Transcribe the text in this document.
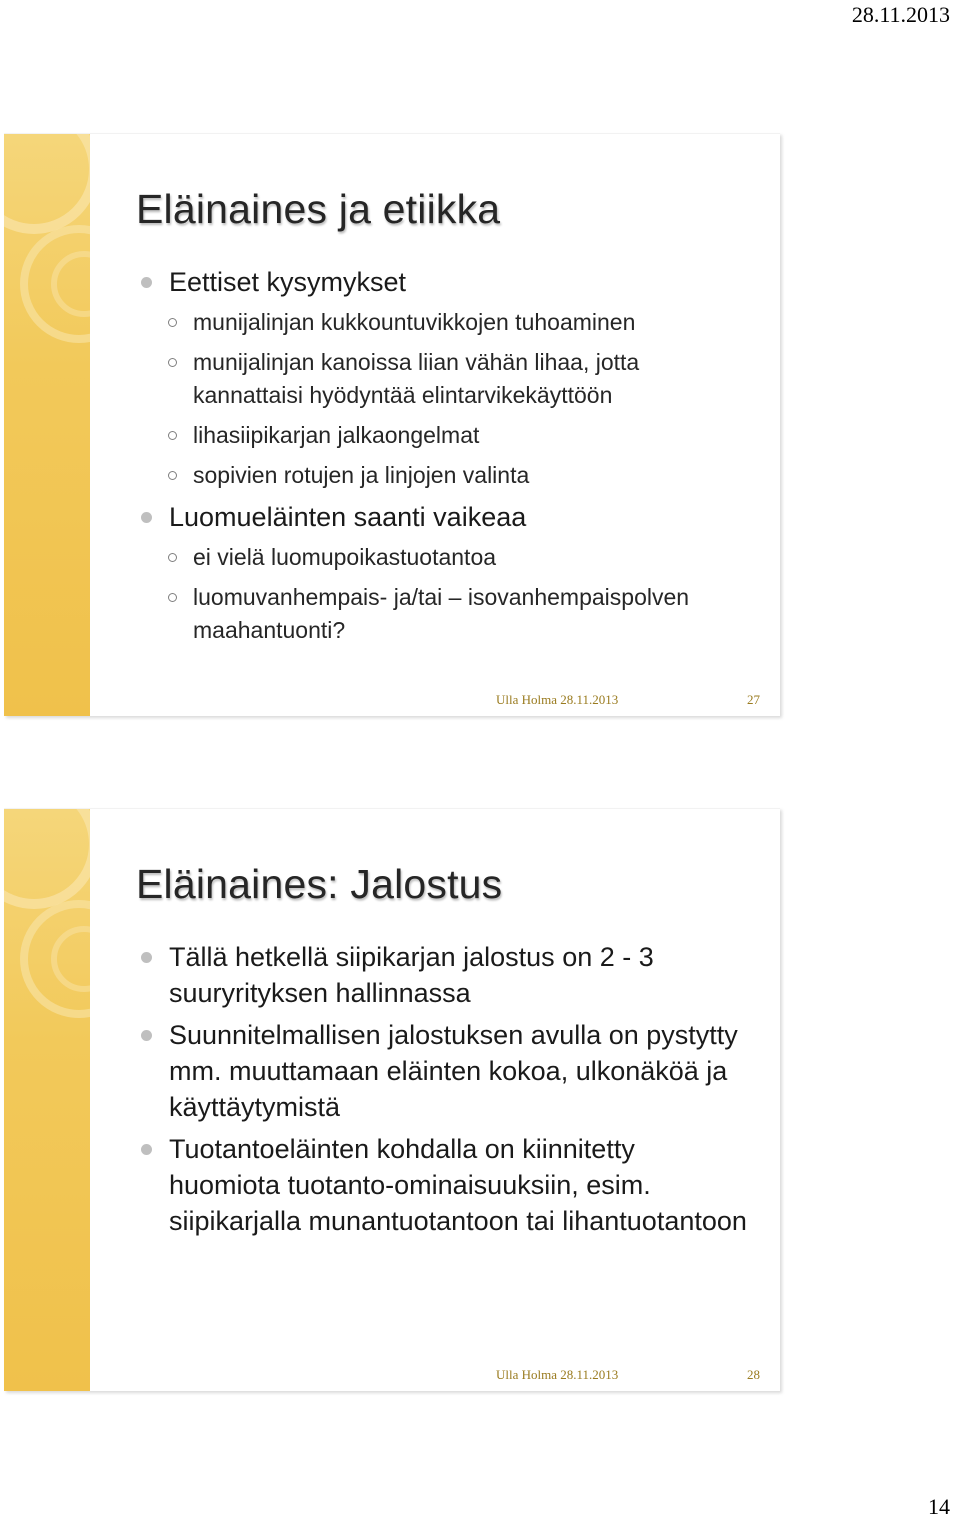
28.11.2013
Eläinaines ja etiikka
Eettiset kysymykset
munijalinjan kukkountuvikkojen tuhoaminen
munijalinjan kanoissa liian vähän lihaa, jotta kannattaisi hyödyntää elintarvikekäyttöön
lihasiipikarjan jalkaongelmat
sopivien rotujen ja linjojen valinta
Luomueläinten saanti vaikeaa
ei vielä luomupoikastuotantoa
luomuvanhempais- ja/tai – isovanhempaispolven maahantuonti?
Ulla Holma 28.11.2013	27
Eläinaines: Jalostus
Tällä hetkellä siipikarjan jalostus on 2 - 3 suuryrityksen hallinnassa
Suunnitelmallisen jalostuksen avulla on pystytty mm. muuttamaan eläinten kokoa, ulkonäköä ja käyttäytymistä
Tuotantoeläinten kohdalla on kiinnitetty huomiota tuotanto-ominaisuuksiin, esim. siipikarjalla munantuotantoon tai lihantuotantoon
Ulla Holma 28.11.2013	28
14
